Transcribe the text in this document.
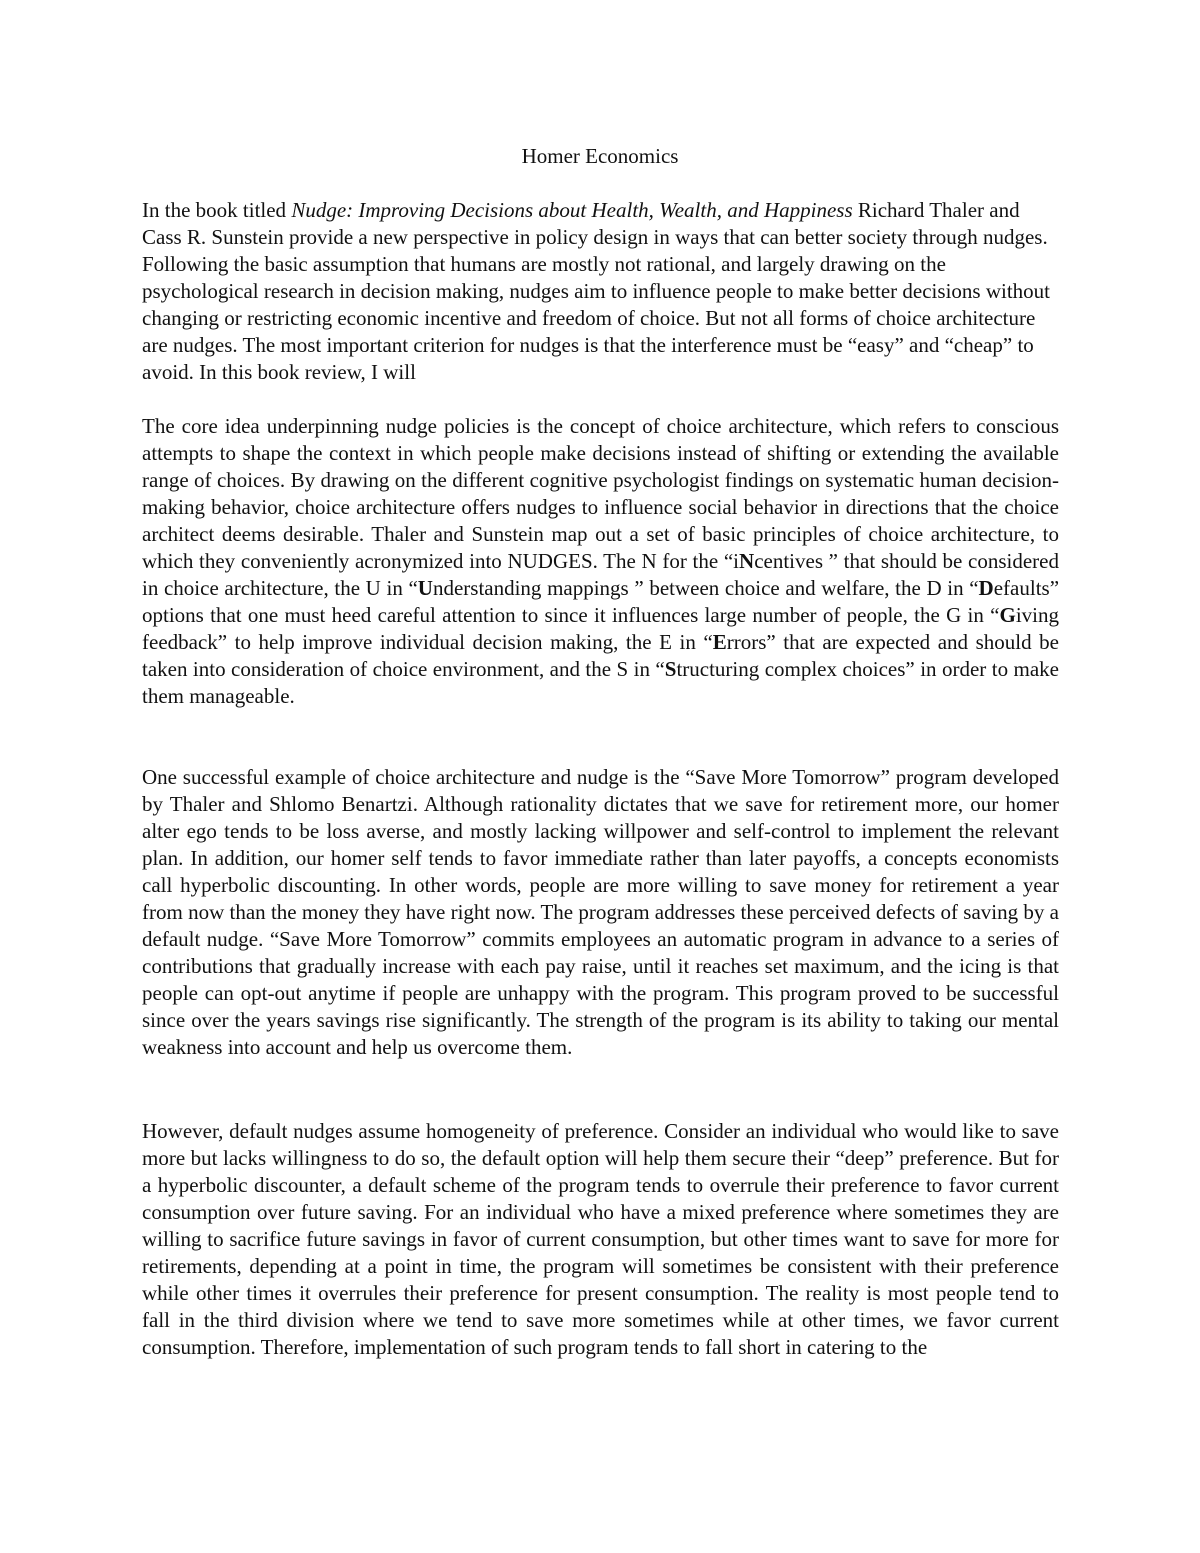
Homer Economics

In the book titled Nudge: Improving Decisions about Health, Wealth, and Happiness Richard Thaler and Cass R. Sunstein provide a new perspective in policy design in ways that can better society through nudges. Following the basic assumption that humans are mostly not rational, and largely drawing on the psychological research in decision making, nudges aim to influence people to make better decisions without changing or restricting economic incentive and freedom of choice. But not all forms of choice architecture are nudges. The most important criterion for nudges is that the interference must be “easy” and “cheap” to avoid. In this book review, I will

The core idea underpinning nudge policies is the concept of choice architecture, which refers to conscious attempts to shape the context in which people make decisions instead of shifting or extending the available range of choices. By drawing on the different cognitive psychologist findings on systematic human decision-making behavior, choice architecture offers nudges to influence social behavior in directions that the choice architect deems desirable. Thaler and Sunstein map out a set of basic principles of choice architecture, to which they conveniently acronymized into NUDGES. The N for the “iNcentives ” that should be considered in choice architecture, the U in “Understanding mappings ” between choice and welfare, the D in “Defaults” options that one must heed careful attention to since it influences large number of people, the G in “Giving feedback” to help improve individual decision making, the E in “Errors” that are expected and should be taken into consideration of choice environment, and the S in “Structuring complex choices” in order to make them manageable.

One successful example of choice architecture and nudge is the “Save More Tomorrow” program developed by Thaler and Shlomo Benartzi. Although rationality dictates that we save for retirement more, our homer alter ego tends to be loss averse, and mostly lacking willpower and self-control to implement the relevant plan. In addition, our homer self tends to favor immediate rather than later payoffs, a concepts economists call hyperbolic discounting. In other words, people are more willing to save money for retirement a year from now than the money they have right now. The program addresses these perceived defects of saving by a default nudge. “Save More Tomorrow” commits employees an automatic program in advance to a series of contributions that gradually increase with each pay raise, until it reaches set maximum, and the icing is that people can opt-out anytime if people are unhappy with the program. This program proved to be successful since over the years savings rise significantly. The strength of the program is its ability to taking our mental weakness into account and help us overcome them.

However, default nudges assume homogeneity of preference. Consider an individual who would like to save more but lacks willingness to do so, the default option will help them secure their “deep” preference. But for a hyperbolic discounter, a default scheme of the program tends to overrule their preference to favor current consumption over future saving. For an individual who have a mixed preference where sometimes they are willing to sacrifice future savings in favor of current consumption, but other times want to save for more for retirements, depending at a point in time, the program will sometimes be consistent with their preference while other times it overrules their preference for present consumption. The reality is most people tend to fall in the third division where we tend to save more sometimes while at other times, we favor current consumption. Therefore, implementation of such program tends to fall short in catering to the
